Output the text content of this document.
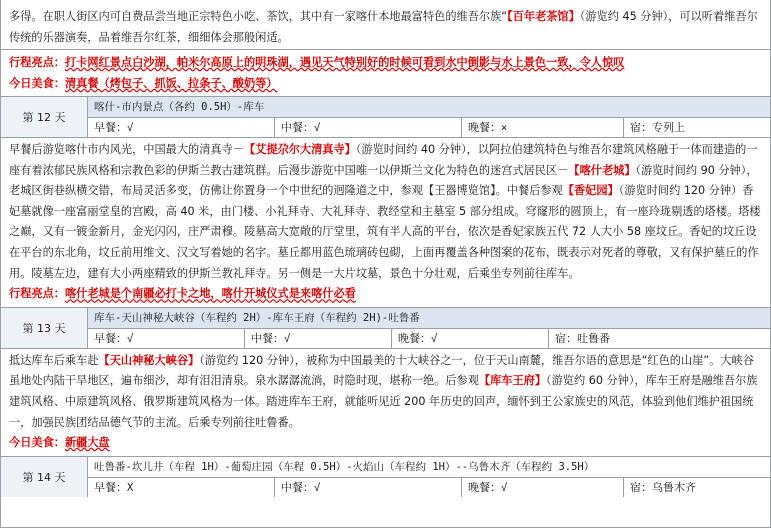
多得。在职人街区内可自费品尝当地正宗特色小吃、茶饮，其中有一家喀什本地最富特色的维吾尔族“【百年老茶馆】（游览约 45 分钟），可以听着维吾尔传统的乐器演奏，品着维吾尔红茶，细细体会那般闲适。
行程亮点：打卡网红景点白沙湖，帕米尔高原上的明珠湖，遇见天气特别好的时候可看到水中倒影与水上景色一致，令人惊叹
今日美食：清真餐（烤包子、抓饭、拉条子、酸奶等）
第 12 天
喀什-市内景点（各约 0.5H）-库车
早餐：√	中餐：√	晚餐：×	宿：专列上
早餐后游览喀什市内风光，中国最大的清真寺－【艾提尕尔大清真寺】（游览时间约 40 分钟），以阿拉伯建筑特色与维吾尔建筑风格融于一体而建造的一座有着浓郁民族风格和宗教色彩的伊斯兰教古建筑群。后漫步游览中国唯一以伊斯兰文化为特色的迷宫式居民区－【喀什老城】（游览时间约 90 分钟），老城区街巷纵横交错，布局灵活多变，仿佛让你置身一个中世纪的迥隆道之中，参观【王器博览馆】。中餐后参观【香妃园】（游览时间约 120 分钟）香妃墓就像一座富丽堂皇的宫殿，高 40 米，由门楼、小礼拜寺、大礼拜寺、教经堂和主墓室 5 部分组成。穹窿形的圆顶上，有一座玲珑剔透的塔楼。塔楼之巅，又有一镀金新月，金光闪闪，庄严肃穆。陵墓高大宽敞的厅堂里，筑有半人高的平台，依次是香妃家族五代 72 人大小 58 座坟丘。香妃的坟丘设在平台的东北角，坟丘前用维文、汉文写着她的名字。墓丘都用蓝色琉璃砖包砌，上面再覆盖各种图案的花布，既表示对死者的尊敬，又有保护墓丘的作用。陵墓左边，建有大小两座精致的伊斯兰教礼拜寺。另一侧是一大片坟墓，景色十分壮观，后乘坐专列前往库车。
行程亮点：喀什老城是个南疆必打卡之地，喀什开城仪式是来喀什必看
第 13 天
库车-天山神秘大峡谷（车程约 2H）-库车王府（车程约 2H)-吐鲁番
早餐：√	中餐：√	晚餐：√	宿：吐鲁番
抵达库车后乘车赴【天山神秘大峡谷】（游览约 120 分钟），被称为中国最美的十大峡谷之一，位于天山南麓，维吾尔语的意思是“红色的山崖”。大峡谷虽地处内陆干旱地区，遍布细沙，却有泪泪清泉。泉水潺潺流淌，时隐时现，堪称一绝。后参观【库车王府】（游览约 60 分钟），库车王府是融维吾尔族建筑风格、中原建筑风格、俄罗斯建筑风格为一体。踏进库车王府，就能听见近 200 年历史的回声，缅怀到王公家族史的风范，体验到他们维护祖国统一，加强民族团结品德气节的主流。后乘专列前往吐鲁番。
今日美食：新疆大盘
第 14 天
吐鲁番-坎儿井（车程 1H）-葡萄庄园（车程 0.5H）-火焰山（车程约 1H）--乌鲁木齐（车程约 3.5H）
早餐：X	中餐：√	晚餐：√	宿：乌鲁木齐
